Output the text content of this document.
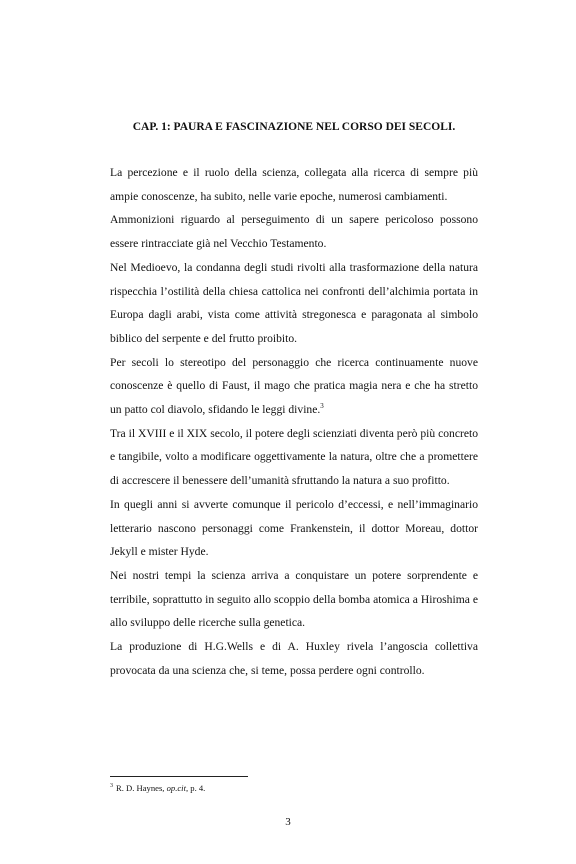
CAP. 1: PAURA E FASCINAZIONE NEL CORSO DEI SECOLI.

La percezione e il ruolo della scienza, collegata alla ricerca di sempre più ampie conoscenze, ha subito, nelle varie epoche, numerosi cambiamenti.

Ammonizioni riguardo al perseguimento di un sapere pericoloso possono essere rintracciate già nel Vecchio Testamento.

Nel Medioevo, la condanna degli studi rivolti alla trasformazione della natura rispecchia l’ostilità della chiesa cattolica nei confronti dell’alchimia portata in Europa dagli arabi, vista come attività stregonesca e paragonata al simbolo biblico del serpente e del frutto proibito.

Per secoli lo stereotipo del personaggio che ricerca continuamente nuove conoscenze è quello di Faust, il mago che pratica magia nera e che ha stretto un patto col diavolo, sfidando le leggi divine.$^3$

Tra il XVIII e il XIX secolo, il potere degli scienziati diventa però più concreto e tangibile, volto a modificare oggettivamente la natura, oltre che a promettere di accrescere il benessere dell’umanità sfruttando la natura a suo profitto.

In quegli anni si avverte comunque il pericolo d’eccessi, e nell’immaginario letterario nascono personaggi come Frankenstein, il dottor Moreau, dottor Jekyll e mister Hyde.

Nei nostri tempi la scienza arriva a conquistare un potere sorprendente e terribile, soprattutto in seguito allo scoppio della bomba atomica a Hiroshima e allo sviluppo delle ricerche sulla genetica.

La produzione di H.G.Wells e di A. Huxley rivela l’angoscia collettiva provocata da una scienza che, si teme, possa perdere ogni controllo.

$^3$ R. D. Haynes, op.cit, p. 4.
3
